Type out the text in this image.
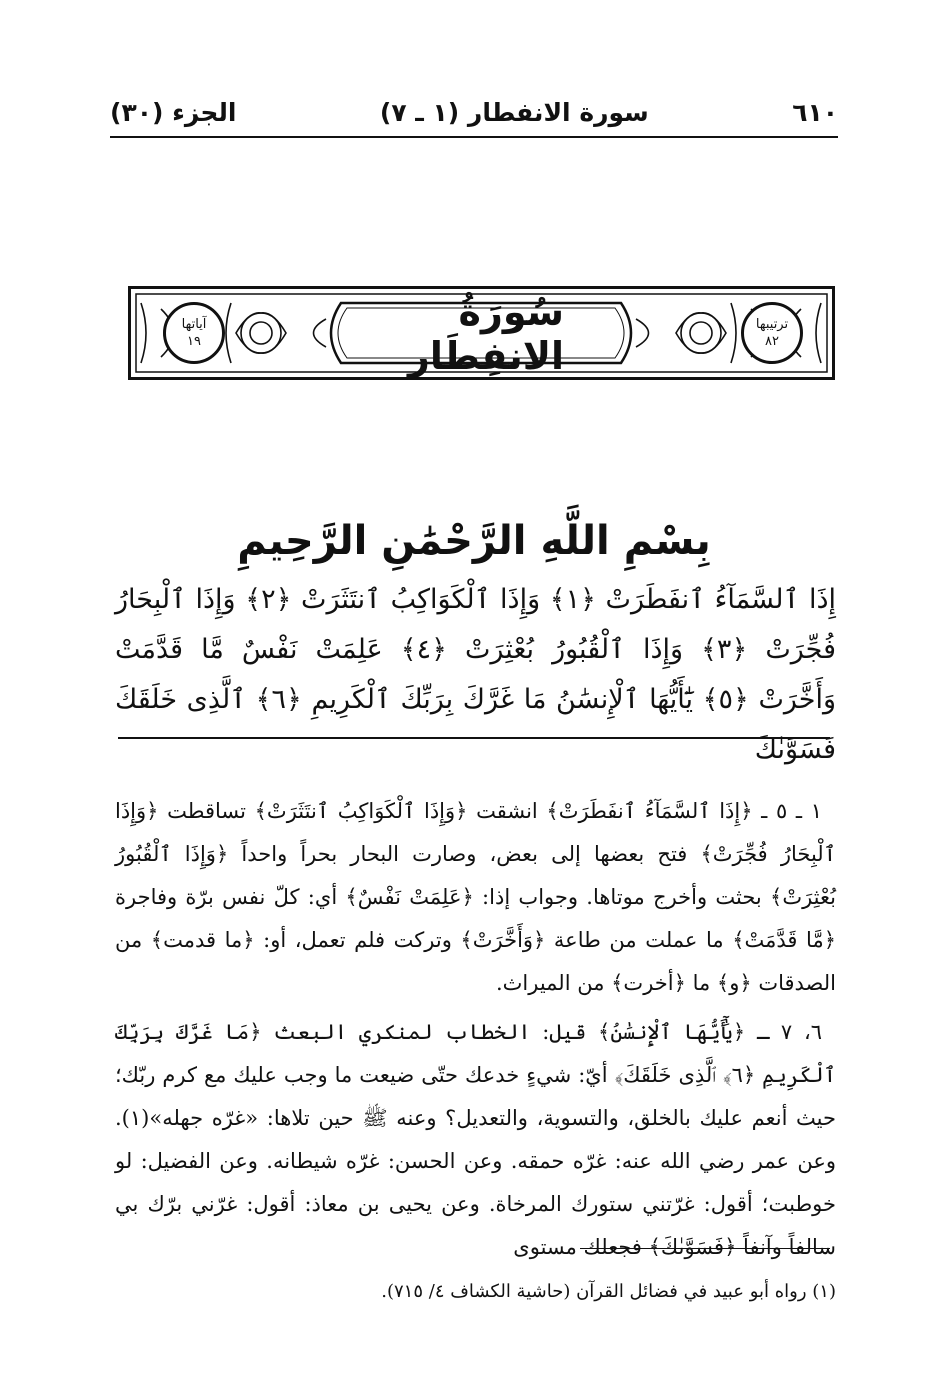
٦١٠
سورة الانفطار (١ ـ ٧)
الجزء (٣٠)
سُورَةُ الانفِطَار
ترتيبها
٨٢
آياتها
١٩
بِسْمِ اللَّهِ الرَّحْمَٰنِ الرَّحِيمِ
إِذَا ٱلسَّمَآءُ ٱنفَطَرَتْ ﴿١﴾ وَإِذَا ٱلْكَوَاكِبُ ٱنتَثَرَتْ ﴿٢﴾ وَإِذَا ٱلْبِحَارُ فُجِّرَتْ ﴿٣﴾ وَإِذَا ٱلْقُبُورُ بُعْثِرَتْ ﴿٤﴾ عَلِمَتْ نَفْسٌ مَّا قَدَّمَتْ وَأَخَّرَتْ ﴿٥﴾ يَٰٓأَيُّهَا ٱلْإِنسَٰنُ مَا غَرَّكَ بِرَبِّكَ ٱلْكَرِيمِ ﴿٦﴾ ٱلَّذِى خَلَقَكَ فَسَوَّىٰكَ

١ ـ ٥ ـ ﴿إِذَا ٱلسَّمَآءُ ٱنفَطَرَتْ﴾ انشقت ﴿وَإِذَا ٱلْكَوَاكِبُ ٱنتَثَرَتْ﴾ تساقطت ﴿وَإِذَا ٱلْبِحَارُ فُجِّرَتْ﴾ فتح بعضها إلى بعض، وصارت البحار بحراً واحداً ﴿وَإِذَا ٱلْقُبُورُ بُعْثِرَتْ﴾ بحثت وأخرج موتاها. وجواب إذا: ﴿عَلِمَتْ نَفْسٌ﴾ أي: كلّ نفس برّة وفاجرة ﴿مَّا قَدَّمَتْ﴾ ما عملت من طاعة ﴿وَأَخَّرَتْ﴾ وتركت فلم تعمل، أو: ﴿ما قدمت﴾ من الصدقات ﴿و﴾ ما ﴿أخرت﴾ من الميراث.

٦، ٧ ـ ﴿يَٰٓأَيُّهَا ٱلْإِنسَٰنُ﴾ قيل: الخطاب لمنكري البعث ﴿مَا غَرَّكَ بِرَبِّكَ ٱلْكَرِيمِ ﴿٦﴾ ٱلَّذِى خَلَقَكَ﴾ أيّ: شيءٍ خدعك حتّى ضيعت ما وجب عليك مع كرم ربّك؛ حيث أنعم عليك بالخلق، والتسوية، والتعديل؟ وعنه ﷺ حين تلاها: «غرّه جهله»(١). وعن عمر رضي الله عنه: غرّه حمقه. وعن الحسن: غرّه شيطانه. وعن الفضيل: لو خوطبت؛ أقول: غرّتني ستورك المرخاة. وعن يحيى بن معاذ: أقول: غرّني برّك بي سالفاً وآنفاً ﴿فَسَوَّىٰكَ﴾ فجعلك مستوى

(١) رواه أبو عبيد في فضائل القرآن (حاشية الكشاف ٤/ ٧١٥).
